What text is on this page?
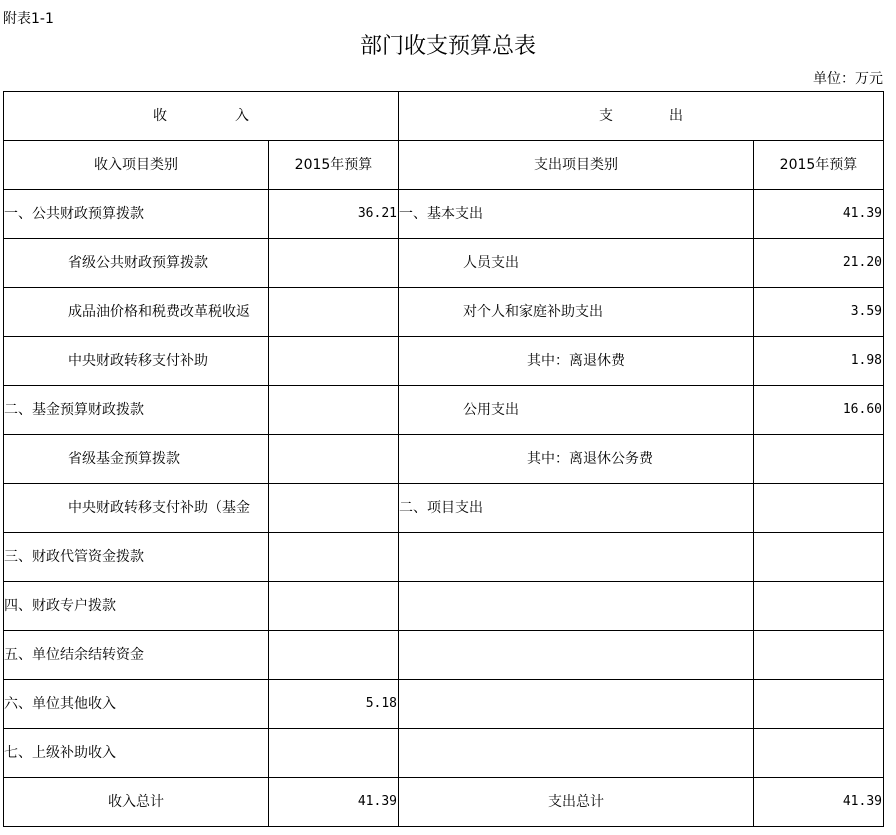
附表1-1
部门收支预算总表
单位：万元
收 入		支 出	
收入项目类别	2015年预算	支出项目类别	2015年预算
一、公共财政预算拨款	36.21	一、基本支出	41.39
省级公共财政预算拨款		人员支出	21.20
成品油价格和税费改革税收返		对个人和家庭补助支出	3.59
中央财政转移支付补助		其中：离退休费	1.98
二、基金预算财政拨款		公用支出	16.60
省级基金预算拨款		其中：离退休公务费	
中央财政转移支付补助（基金		二、项目支出	
三、财政代管资金拨款			
四、财政专户拨款			
五、单位结余结转资金			
六、单位其他收入	5.18		
七、上级补助收入			
收入总计	41.39	支出总计	41.39
